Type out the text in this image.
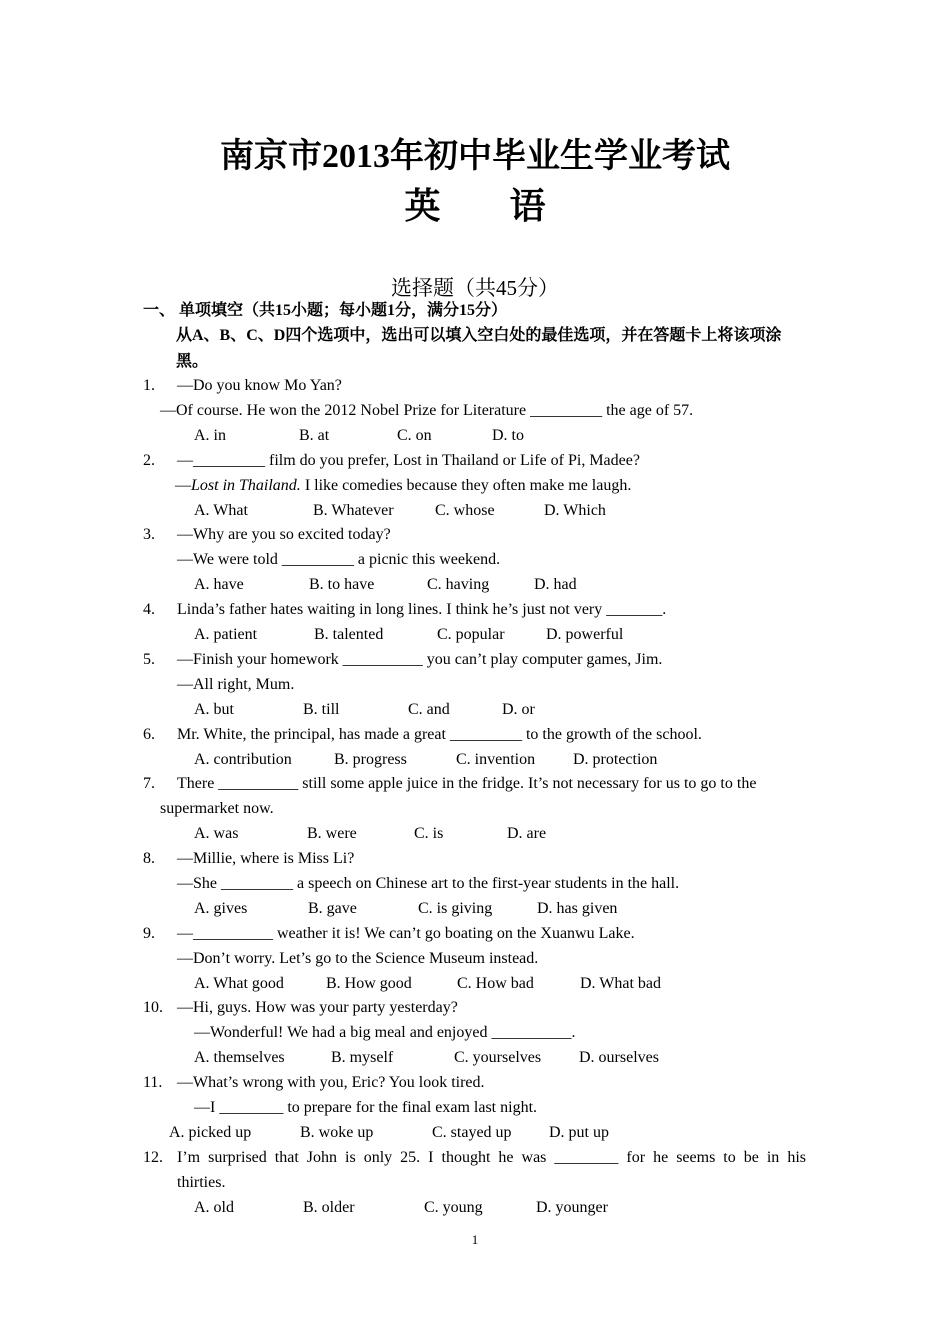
南京市2013年初中毕业生学业考试
英 语
选择题（共45分）
一、 单项填空（共15小题；每小题1分，满分15分）
从A、B、C、D四个选项中，选出可以填入空白处的最佳选项，并在答题卡上将该项涂
黑。
1. —Do you know Mo Yan?
—Of course. He won the 2012 Nobel Prize for Literature _________ the age of 57.
A. in	B. at	C. on	D. to
2. —_________ film do you prefer, Lost in Thailand or Life of Pi, Madee?
—Lost in Thailand. I like comedies because they often make me laugh.
A. What	B. Whatever	C. whose	D. Which
3. —Why are you so excited today?
—We were told _________ a picnic this weekend.
A. have	B. to have	C. having	D. had
4. Linda’s father hates waiting in long lines. I think he’s just not very _______.
A. patient	B. talented	C. popular	D. powerful
5. —Finish your homework __________ you can’t play computer games, Jim.
—All right, Mum.
A. but	B. till	C. and	D. or
6. Mr. White, the principal, has made a great _________ to the growth of the school.
A. contribution	B. progress	C. invention D. protection
7. There __________ still some apple juice in the fridge. It’s not necessary for us to go to the
supermarket now.
A. was	B. were	C. is	D. are
8. —Millie, where is Miss Li?
—She _________ a speech on Chinese art to the first-year students in the hall.
A. gives	B. gave	C. is giving	D. has given
9. —__________ weather it is! We can’t go boating on the Xuanwu Lake.
—Don’t worry. Let’s go to the Science Museum instead.
A. What good	B. How good	C. How bad	D. What bad
10. —Hi, guys. How was your party yesterday?
—Wonderful! We had a big meal and enjoyed __________.
A. themselves	B. myself	C. yourselves D. ourselves
11. —What’s wrong with you, Eric? You look tired.
—I ________ to prepare for the final exam last night.
A. picked up	B. woke up	C. stayed up D. put up
12. I’m surprised that John is only 25. I thought he was ________ for he seems to be in his
thirties.
A. old	B. older	C. young	D. younger
1
